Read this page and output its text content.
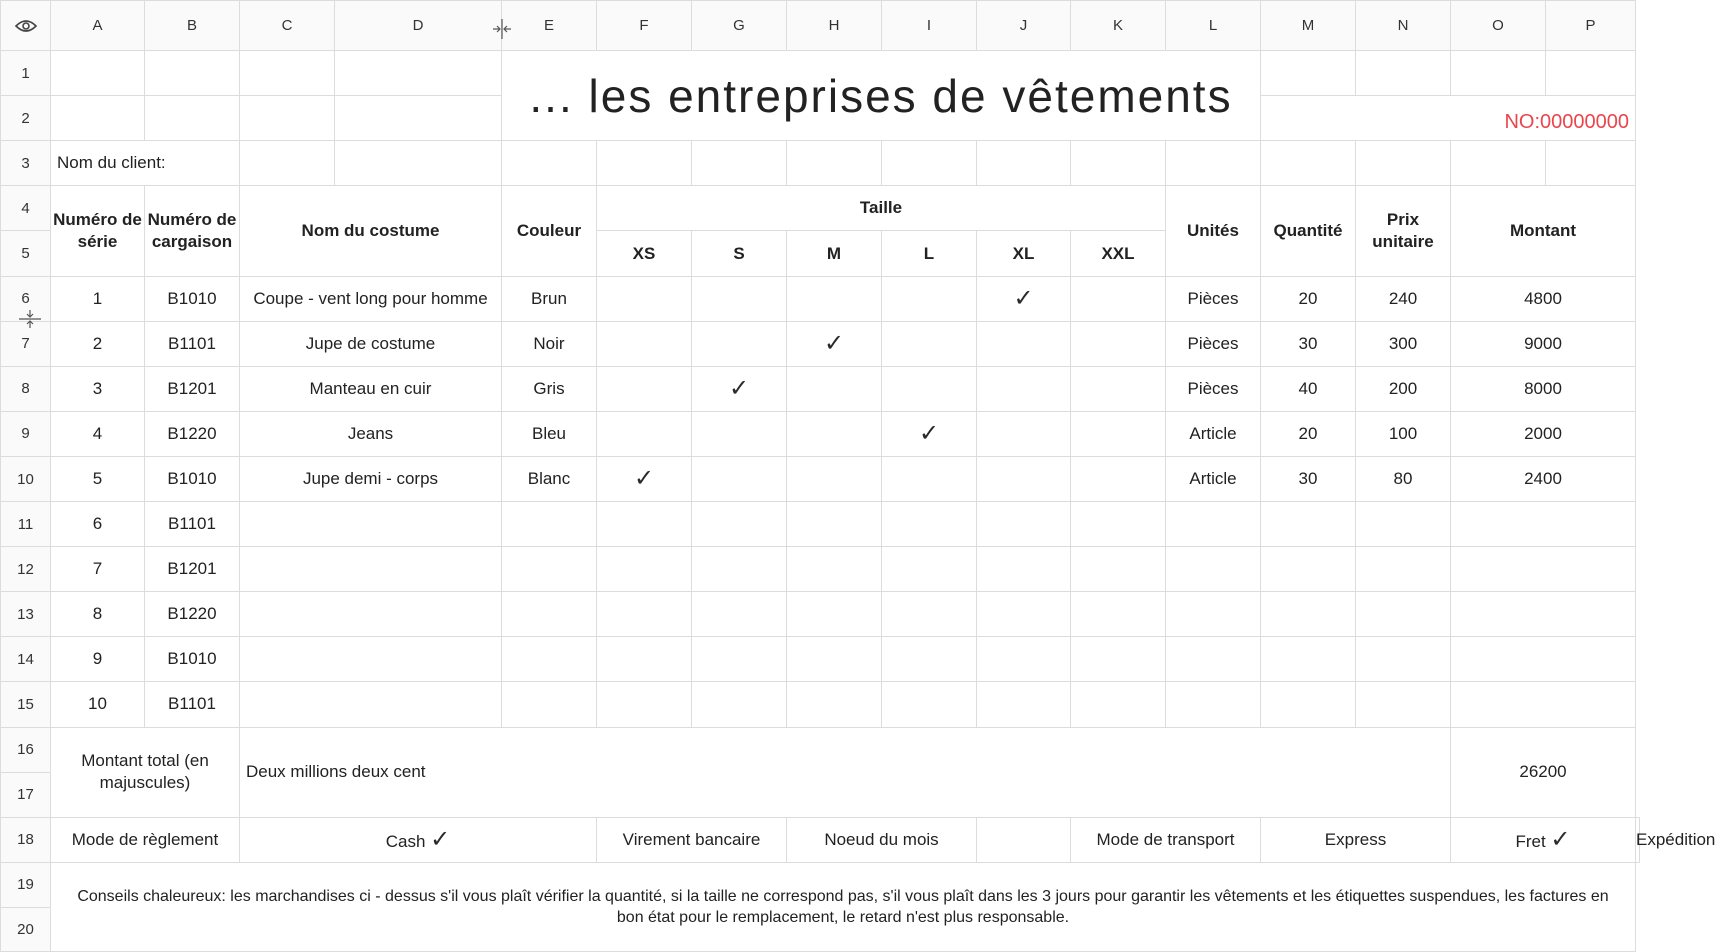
	A	B	C	D	E	F	G	H	I	J	K	L	M	N	O	P	
1					... les entreprises de vêtements												
2													NO:00000000				
3	Nom du client:																
4	Numéro de série	Numéro de cargaison	Nom du costume		Couleur	Taille						Unités	Quantité	Prix unitaire	Montant		
5						XS	S	M	L	XL	XXL						
6	1	B1010	Coupe - vent long pour homme		Brun					✓		Pièces	20	240	4800		
7	2	B1101	Jupe de costume		Noir			✓				Pièces	30	300	9000		
8	3	B1201	Manteau en cuir		Gris		✓					Pièces	40	200	8000		
9	4	B1220	Jeans		Bleu				✓			Article	20	100	2000		
10	5	B1010	Jupe demi - corps		Blanc	✓						Article	30	80	2400		
11	6	B1101															
12	7	B1201															
13	8	B1220															
14	9	B1010															
15	10	B1101															
16	Montant total (en majuscules)		Deux millions deux cent												26200		
17																	
18	Mode de règlement		Cash ✓			Virement bancaire		Noeud du mois			Mode de transport		Express		Fret ✓		Expédition
19	Conseils chaleureux: les marchandises ci - dessus s'il vous plaît vérifier la quantité, si la taille ne correspond pas, s'il vous plaît dans les 3 jours pour garantir les vêtements et les étiquettes suspendues, les factures en bon état pour le remplacement, le retard n'est plus responsable.																
20																	
